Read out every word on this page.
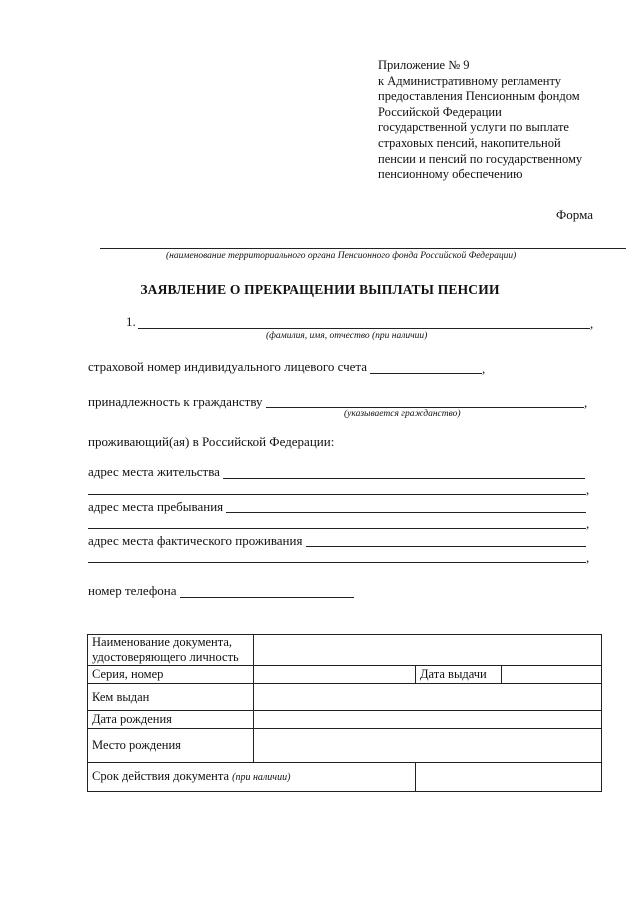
Приложение № 9
к Административному регламенту
предоставления Пенсионным фондом
Российской Федерации
государственной услуги по выплате
страховых пенсий, накопительной
пенсии и пенсий по государственному
пенсионному обеспечению
Форма
(наименование территориального органа Пенсионного фонда Российской Федерации)
ЗАЯВЛЕНИЕ О ПРЕКРАЩЕНИИ ВЫПЛАТЫ ПЕНСИИ
1.	,
(фамилия, имя, отчество (при наличии)
страховой номер индивидуального лицевого счета	,
принадлежность к гражданству	,
(указывается гражданство)
проживающий(ая) в Российской Федерации:
адрес места жительства
,
адрес места пребывания
,
адрес места фактического проживания
,
номер телефона
Наименование документа, удостоверяющего личность			
Серия, номер		Дата выдачи	
Кем выдан			
Дата рождения			
Место рождения			
Срок действия документа (при наличии)			
